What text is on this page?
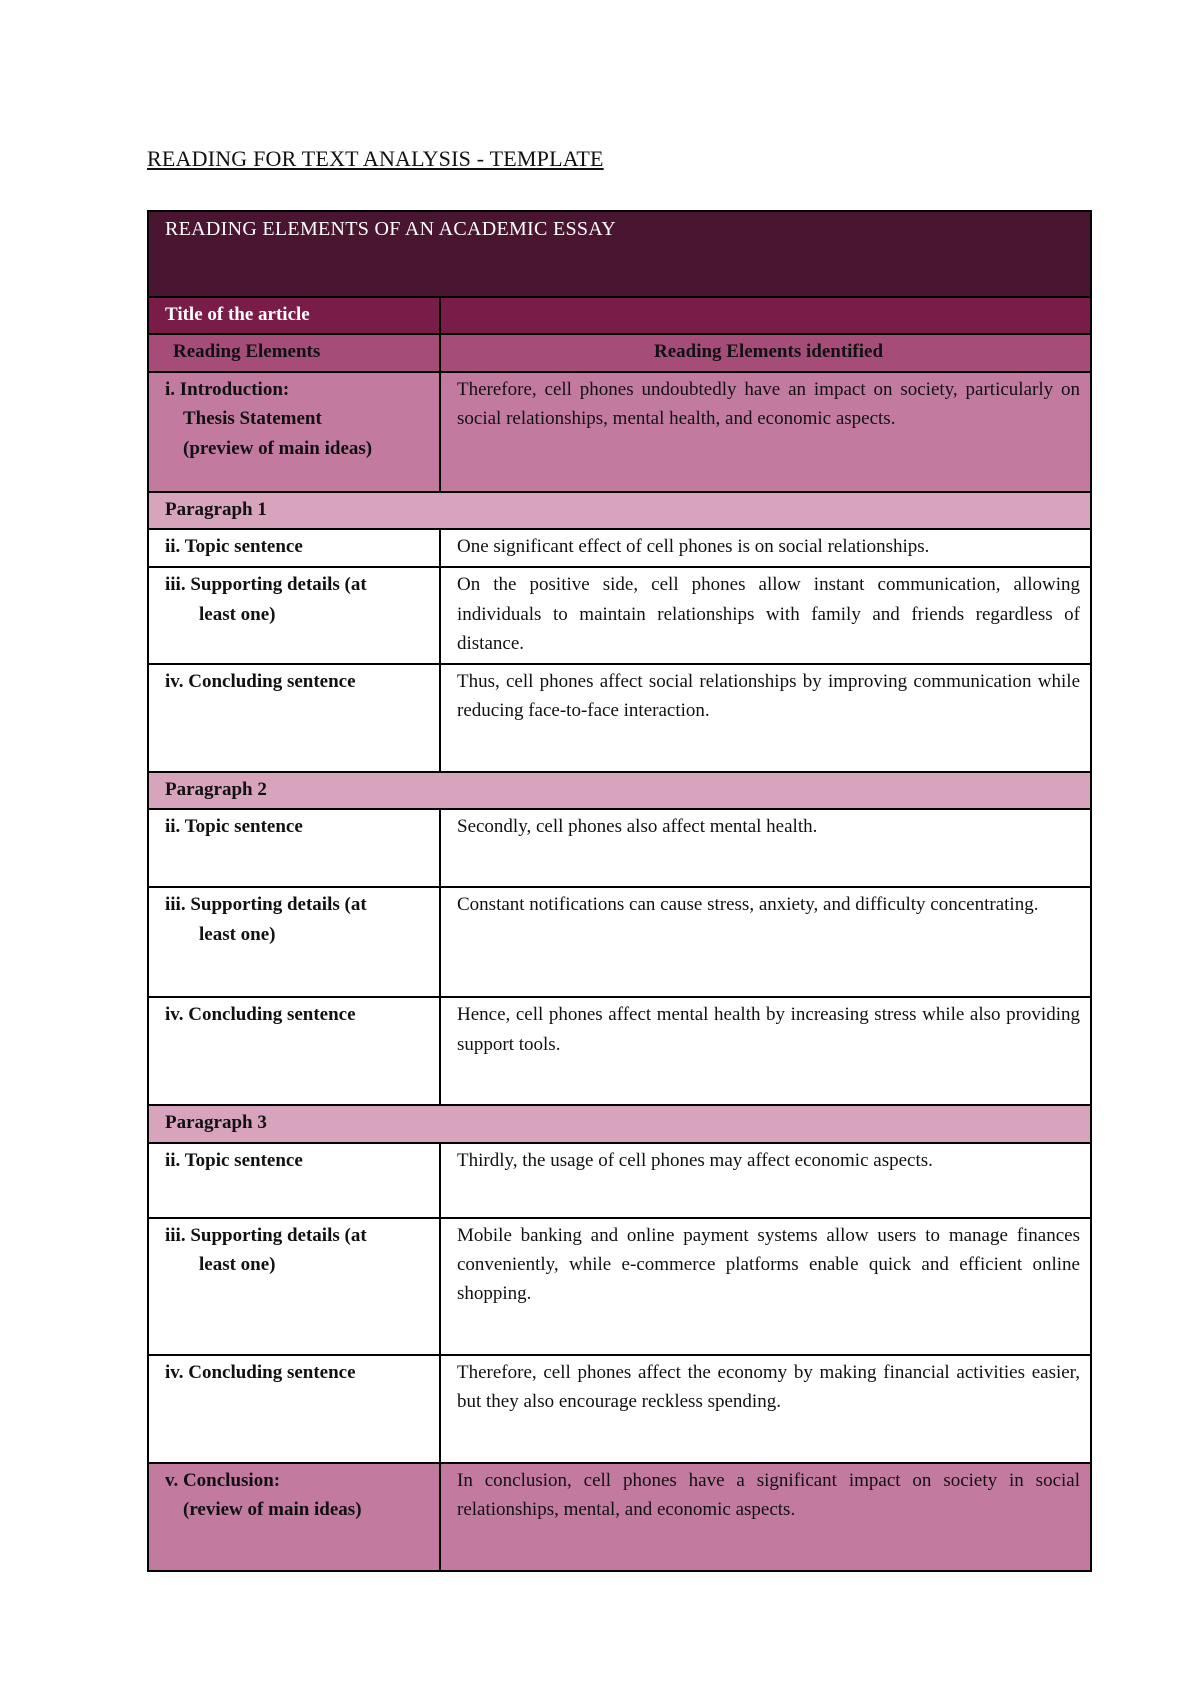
READING FOR TEXT ANALYSIS - TEMPLATE
READING ELEMENTS OF AN ACADEMIC ESSAY	
Title of the article	
Reading Elements	Reading Elements identified
i. Introduction:
Thesis Statement
(preview of main ideas)	Therefore, cell phones undoubtedly have an impact on society, particularly on social relationships, mental health, and economic aspects.
Paragraph 1	
ii. Topic sentence	One significant effect of cell phones is on social relationships.
iii. Supporting details (at
least one)	On the positive side, cell phones allow instant communication, allowing individuals to maintain relationships with family and friends regardless of distance.
iv. Concluding sentence	Thus, cell phones affect social relationships by improving communication while reducing face-to-face interaction.
Paragraph 2	
ii. Topic sentence	Secondly, cell phones also affect mental health.
iii. Supporting details (at
least one)	Constant notifications can cause stress, anxiety, and difficulty concentrating.
iv. Concluding sentence	Hence, cell phones affect mental health by increasing stress while also providing support tools.
Paragraph 3	
ii. Topic sentence	Thirdly, the usage of cell phones may affect economic aspects.
iii. Supporting details (at
least one)	Mobile banking and online payment systems allow users to manage finances conveniently, while e-commerce platforms enable quick and efficient online shopping.
iv. Concluding sentence	Therefore, cell phones affect the economy by making financial activities easier, but they also encourage reckless spending.
v. Conclusion:
(review of main ideas)	In conclusion, cell phones have a significant impact on society in social relationships, mental, and economic aspects.
